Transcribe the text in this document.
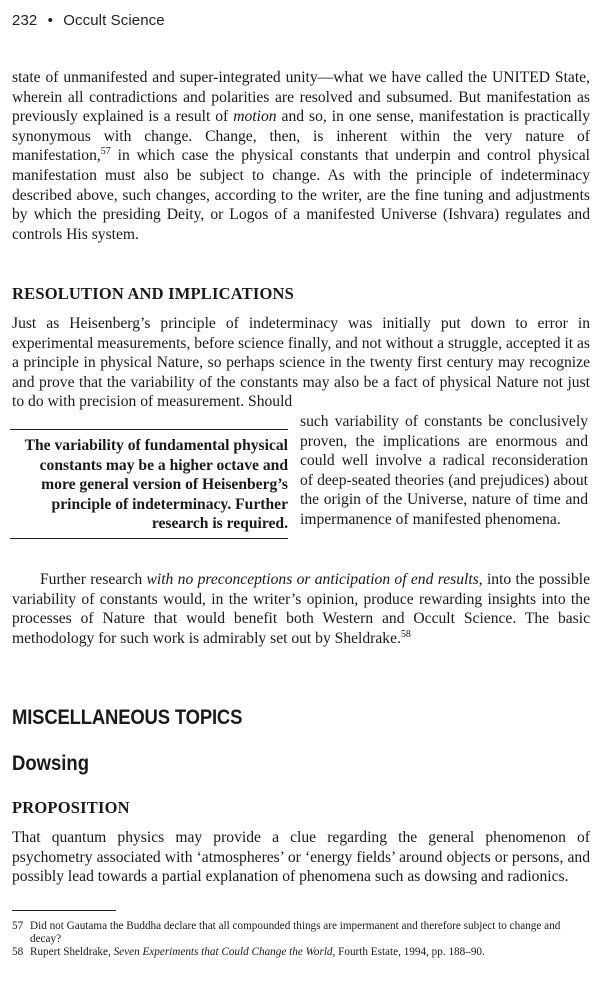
232 • Occult Science
state of unmanifested and super-integrated unity—what we have called the UNITED State, wherein all contradictions and polarities are resolved and subsumed. But manifestation as previously explained is a result of motion and so, in one sense, manifestation is practically synonymous with change. Change, then, is inherent within the very nature of manifestation,$^{57}$ in which case the physical constants that underpin and control physical manifestation must also be subject to change. As with the principle of indeterminacy described above, such changes, according to the writer, are the fine tuning and adjustments by which the presiding Deity, or Logos of a manifested Universe (Ishvara) regulates and controls His system.
RESOLUTION AND IMPLICATIONS
Just as Heisenberg’s principle of indeterminacy was initially put down to error in experimental measurements, before science finally, and not without a struggle, accepted it as a principle in physical Nature, so perhaps science in the twenty first century may recognize and prove that the variability of the constants may also be a fact of physical Nature not just to do with precision of measurement. Should
such variability of constants be conclusively proven, the implications are enormous and could well involve a radical reconsideration of deep-seated theories (and prejudices) about the origin of the Universe, nature of time and impermanence of manifested phenomena.
The variability of fundamental physical constants may be a higher octave and more general version of Heisenberg’s principle of indeterminacy. Further research is required.
Further research with no preconceptions or anticipation of end results, into the possible variability of constants would, in the writer’s opinion, produce rewarding insights into the processes of Nature that would benefit both Western and Occult Science. The basic methodology for such work is admirably set out by Sheldrake.$^{58}$
MISCELLANEOUS TOPICS
Dowsing
PROPOSITION
That quantum physics may provide a clue regarding the general phenomenon of psychometry associated with ‘atmospheres’ or ‘energy fields’ around objects or persons, and possibly lead towards a partial explanation of phenomena such as dowsing and radionics.
57 Did not Gautama the Buddha declare that all compounded things are impermanent and therefore subject to change and decay?
58 Rupert Sheldrake, Seven Experiments that Could Change the World, Fourth Estate, 1994, pp. 188–90.
